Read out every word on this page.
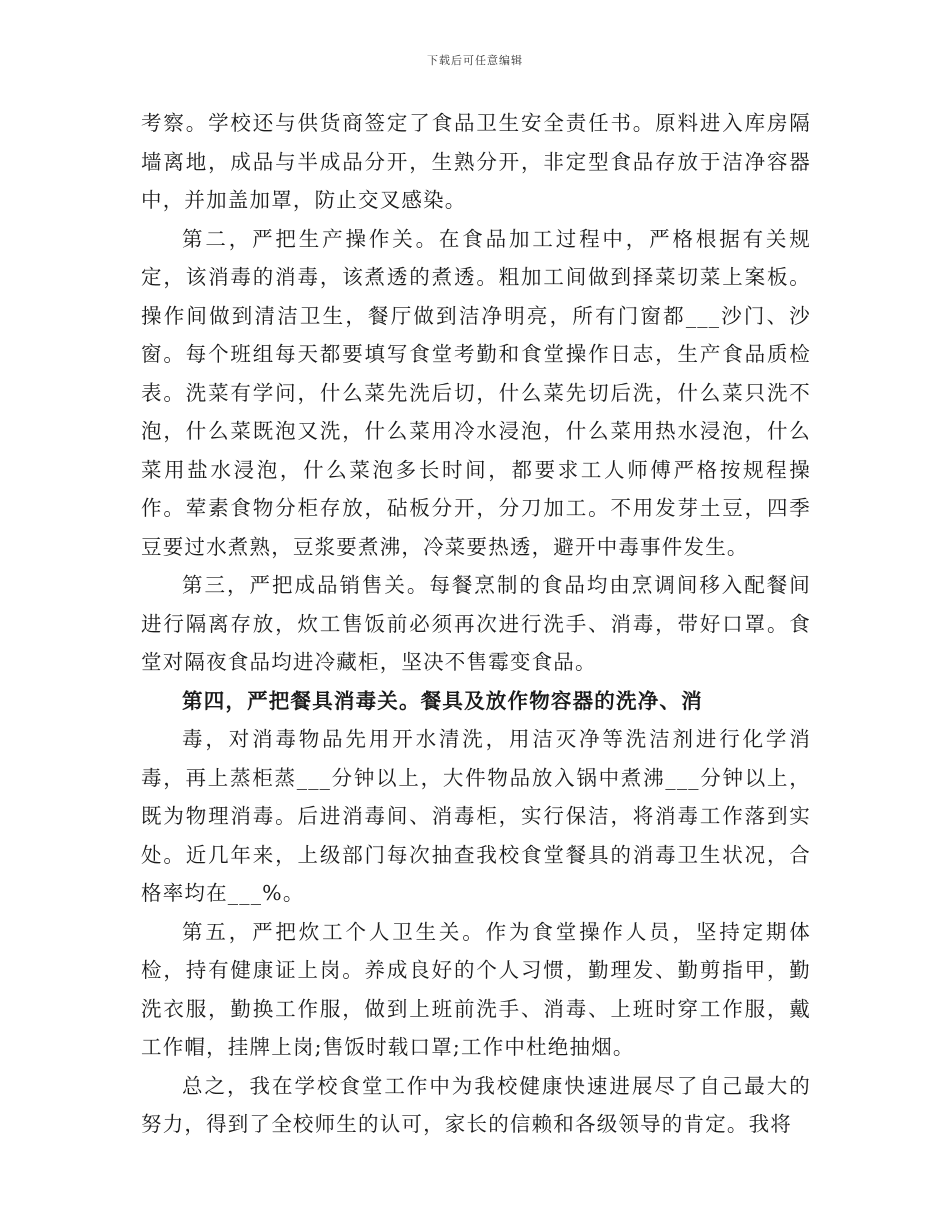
下载后可任意编辑

考察。学校还与供货商签定了食品卫生安全责任书。原料进入库房隔墙离地，成品与半成品分开，生熟分开，非定型食品存放于洁净容器中，并加盖加罩，防止交叉感染。

第二，严把生产操作关。在食品加工过程中，严格根据有关规定，该消毒的消毒，该煮透的煮透。粗加工间做到择菜切菜上案板。操作间做到清洁卫生，餐厅做到洁净明亮，所有门窗都___沙门、沙窗。每个班组每天都要填写食堂考勤和食堂操作日志，生产食品质检表。洗菜有学问，什么菜先洗后切，什么菜先切后洗，什么菜只洗不泡，什么菜既泡又洗，什么菜用冷水浸泡，什么菜用热水浸泡，什么菜用盐水浸泡，什么菜泡多长时间，都要求工人师傅严格按规程操作。荤素食物分柜存放，砧板分开，分刀加工。不用发芽土豆，四季豆要过水煮熟，豆浆要煮沸，冷菜要热透，避开中毒事件发生。

第三，严把成品销售关。每餐烹制的食品均由烹调间移入配餐间进行隔离存放，炊工售饭前必须再次进行洗手、消毒，带好口罩。食堂对隔夜食品均进冷藏柜，坚决不售霉变食品。

第四，严把餐具消毒关。餐具及放作物容器的洗净、消

毒，对消毒物品先用开水清洗，用洁灭净等洗洁剂进行化学消毒，再上蒸柜蒸___分钟以上，大件物品放入锅中煮沸___分钟以上，既为物理消毒。后进消毒间、消毒柜，实行保洁，将消毒工作落到实处。近几年来，上级部门每次抽查我校食堂餐具的消毒卫生状况，合格率均在___%。

第五，严把炊工个人卫生关。作为食堂操作人员，坚持定期体检，持有健康证上岗。养成良好的个人习惯，勤理发、勤剪指甲，勤洗衣服，勤换工作服，做到上班前洗手、消毒、上班时穿工作服，戴工作帽，挂牌上岗;售饭时载口罩;工作中杜绝抽烟。

总之，我在学校食堂工作中为我校健康快速进展尽了自己最大的努力，得到了全校师生的认可，家长的信赖和各级领导的肯定。我将
